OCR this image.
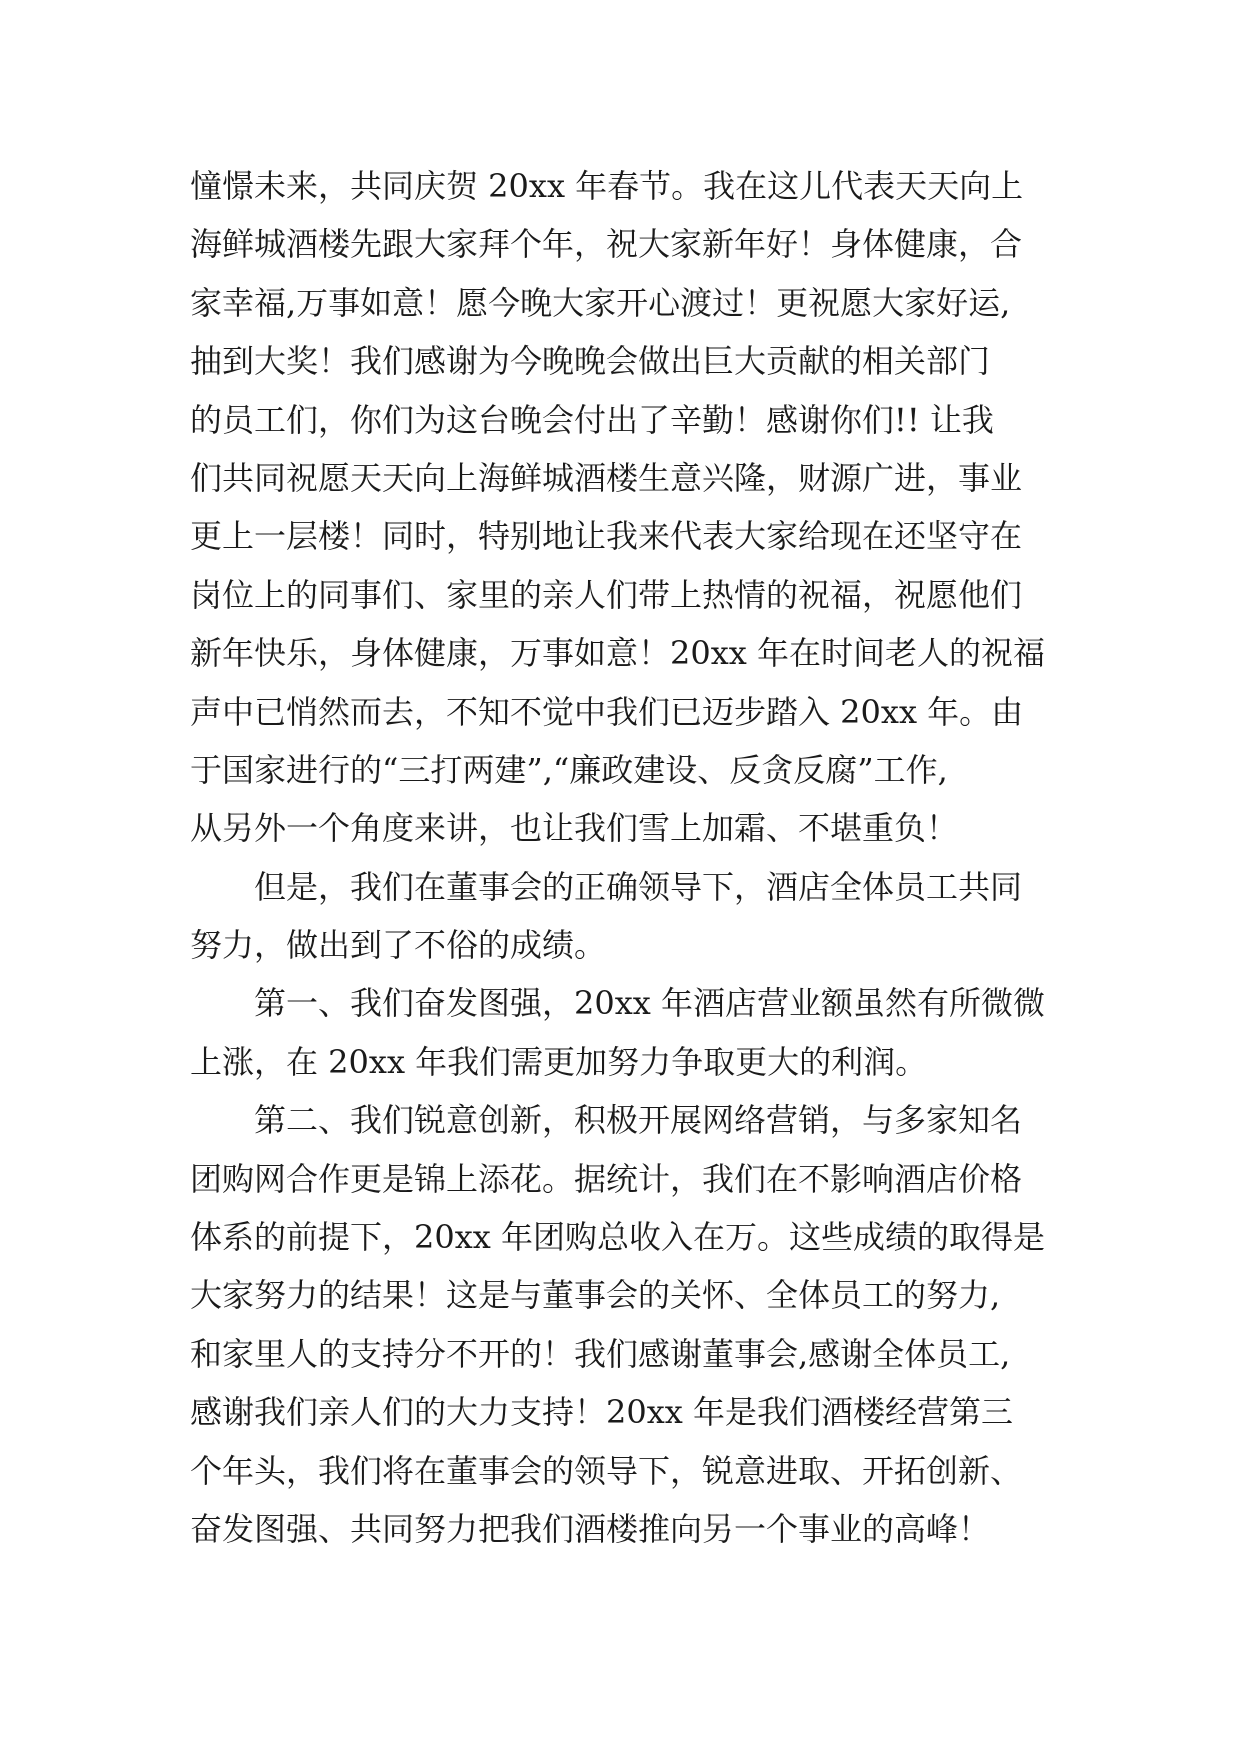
憧憬未来，共同庆贺 20xx 年春节。我在这儿代表天天向上
海鲜城酒楼先跟大家拜个年，祝大家新年好！身体健康，合
家幸福,万事如意！愿今晚大家开心渡过！更祝愿大家好运,
抽到大奖！我们感谢为今晚晚会做出巨大贡献的相关部门
的员工们，你们为这台晚会付出了辛勤！感谢你们!! 让我
们共同祝愿天天向上海鲜城酒楼生意兴隆，财源广进，事业
更上一层楼！同时，特别地让我来代表大家给现在还坚守在
岗位上的同事们、家里的亲人们带上热情的祝福，祝愿他们
新年快乐，身体健康，万事如意！20xx 年在时间老人的祝福
声中已悄然而去，不知不觉中我们已迈步踏入 20xx 年。由
于国家进行的“三打两建”,“廉政建设、反贪反腐”工作,
从另外一个角度来讲，也让我们雪上加霜、不堪重负！
但是，我们在董事会的正确领导下，酒店全体员工共同
努力，做出到了不俗的成绩。
第一、我们奋发图强，20xx 年酒店营业额虽然有所微微
上涨，在 20xx 年我们需更加努力争取更大的利润。
第二、我们锐意创新，积极开展网络营销，与多家知名
团购网合作更是锦上添花。据统计，我们在不影响酒店价格
体系的前提下，20xx 年团购总收入在万。这些成绩的取得是
大家努力的结果！这是与董事会的关怀、全体员工的努力,
和家里人的支持分不开的！我们感谢董事会,感谢全体员工,
感谢我们亲人们的大力支持！20xx 年是我们酒楼经营第三
个年头，我们将在董事会的领导下，锐意进取、开拓创新、
奋发图强、共同努力把我们酒楼推向另一个事业的高峰！
